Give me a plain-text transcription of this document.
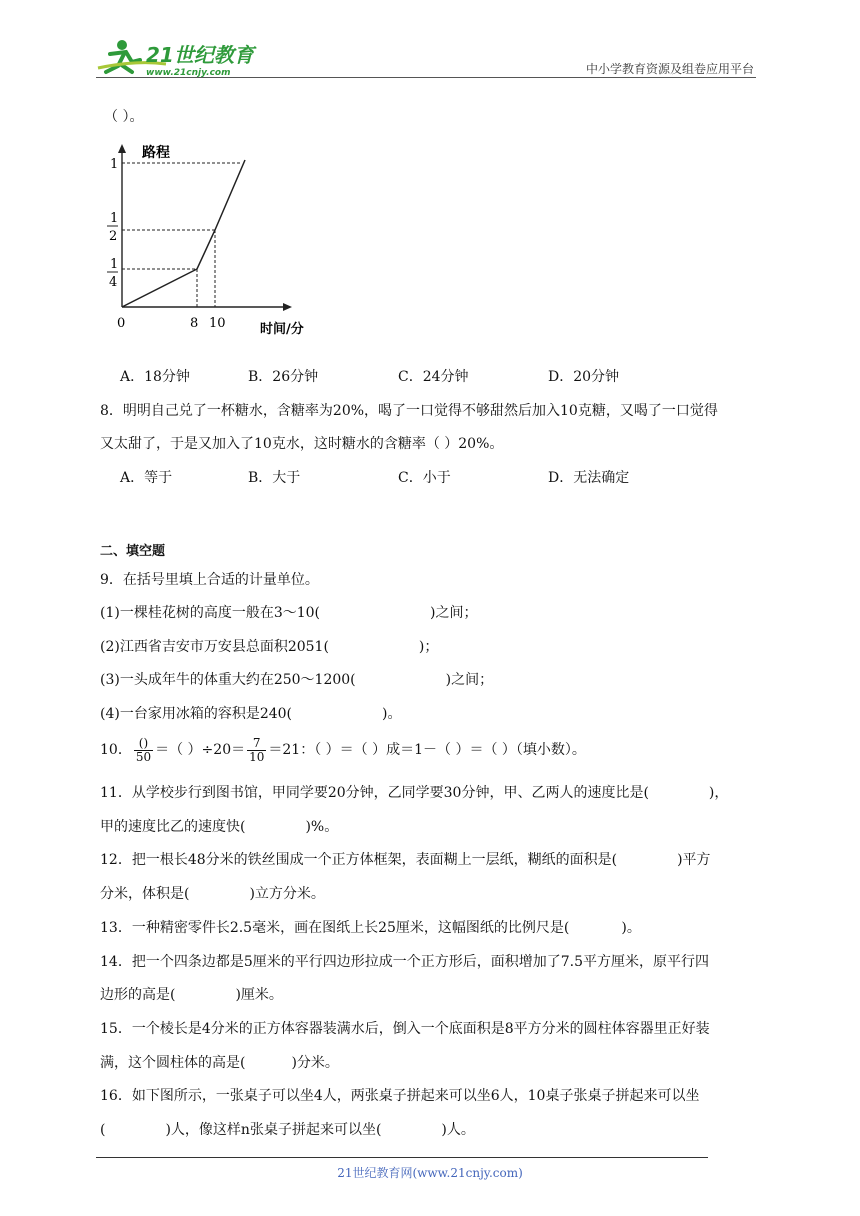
21世纪教育
www.21cnjy.com	中小学教育资源及组卷应用平台
（ ）。
路程
1
1
2
1
4
0	8 10	时间/分
A．18分钟	B．26分钟	C．24分钟	D．20分钟
8．明明自己兑了一杯糖水，含糖率为20%，喝了一口觉得不够甜然后加入10克糖，又喝了一口觉得
又太甜了，于是又加入了10克水，这时糖水的含糖率（ ）20%。
A．等于	B．大于	C．小于	D．无法确定
二、填空题
9．在括号里填上合适的计量单位。
(1)一棵桂花树的高度一般在3～10(	)之间；
(2)江西省吉安市万安县总面积2051(	)；
(3)一头成年牛的体重大约在250～1200(	)之间；
(4)一台家用冰箱的容积是240(	)。
10． $\frac{()}{50}$ ＝（ ）$\div 20= \frac{7}{10} =21$：（ ）＝（ ）成＝1－（ ）＝（ ）（填小数）。
11．从学校步行到图书馆，甲同学要20分钟，乙同学要30分钟，甲、乙两人的速度比是(	)，
甲的速度比乙的速度快(	)%。
12．把一根长48分米的铁丝围成一个正方体框架，表面糊上一层纸，糊纸的面积是(	)平方
分米，体积是(	)立方分米。
13．一种精密零件长2.5毫米，画在图纸上长25厘米，这幅图纸的比例尺是(	)。
14．把一个四条边都是5厘米的平行四边形拉成一个正方形后，面积增加了7.5平方厘米，原平行四
边形的高是(	)厘米。
15．一个棱长是4分米的正方体容器装满水后，倒入一个底面积是8平方分米的圆柱体容器里正好装
满，这个圆柱体的高是(	)分米。
16．如下图所示，一张桌子可以坐4人，两张桌子拼起来可以坐6人，10桌子张桌子拼起来可以坐
(	)人，像这样n张桌子拼起来可以坐(	)人。
21世纪教育网(www.21cnjy.com)
